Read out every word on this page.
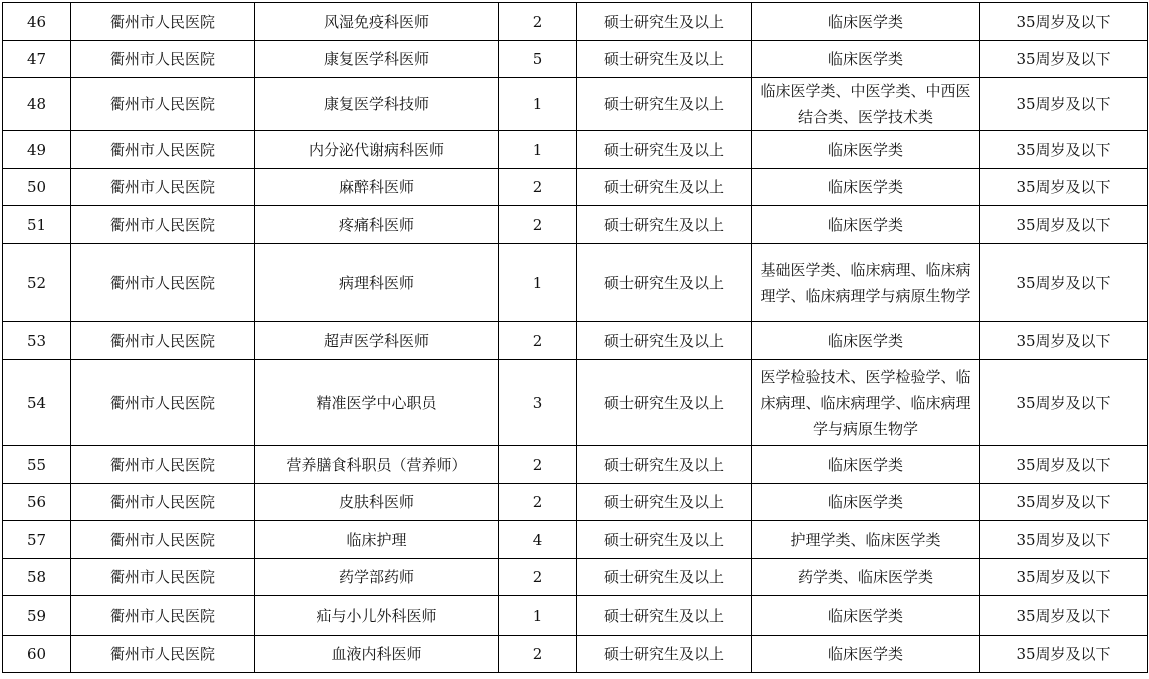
46	衢州市人民医院	风湿免疫科医师	2	硕士研究生及以上	临床医学类	35周岁及以下
47	衢州市人民医院	康复医学科医师	5	硕士研究生及以上	临床医学类	35周岁及以下
48	衢州市人民医院	康复医学科技师	1	硕士研究生及以上	临床医学类、中医学类、中西医结合类、医学技术类	35周岁及以下
49	衢州市人民医院	内分泌代谢病科医师	1	硕士研究生及以上	临床医学类	35周岁及以下
50	衢州市人民医院	麻醉科医师	2	硕士研究生及以上	临床医学类	35周岁及以下
51	衢州市人民医院	疼痛科医师	2	硕士研究生及以上	临床医学类	35周岁及以下
52	衢州市人民医院	病理科医师	1	硕士研究生及以上	基础医学类、临床病理、临床病理学、临床病理学与病原生物学	35周岁及以下
53	衢州市人民医院	超声医学科医师	2	硕士研究生及以上	临床医学类	35周岁及以下
54	衢州市人民医院	精准医学中心职员	3	硕士研究生及以上	医学检验技术、医学检验学、临床病理、临床病理学、临床病理学与病原生物学	35周岁及以下
55	衢州市人民医院	营养膳食科职员（营养师）	2	硕士研究生及以上	临床医学类	35周岁及以下
56	衢州市人民医院	皮肤科医师	2	硕士研究生及以上	临床医学类	35周岁及以下
57	衢州市人民医院	临床护理	4	硕士研究生及以上	护理学类、临床医学类	35周岁及以下
58	衢州市人民医院	药学部药师	2	硕士研究生及以上	药学类、临床医学类	35周岁及以下
59	衢州市人民医院	疝与小儿外科医师	1	硕士研究生及以上	临床医学类	35周岁及以下
60	衢州市人民医院	血液内科医师	2	硕士研究生及以上	临床医学类	35周岁及以下
